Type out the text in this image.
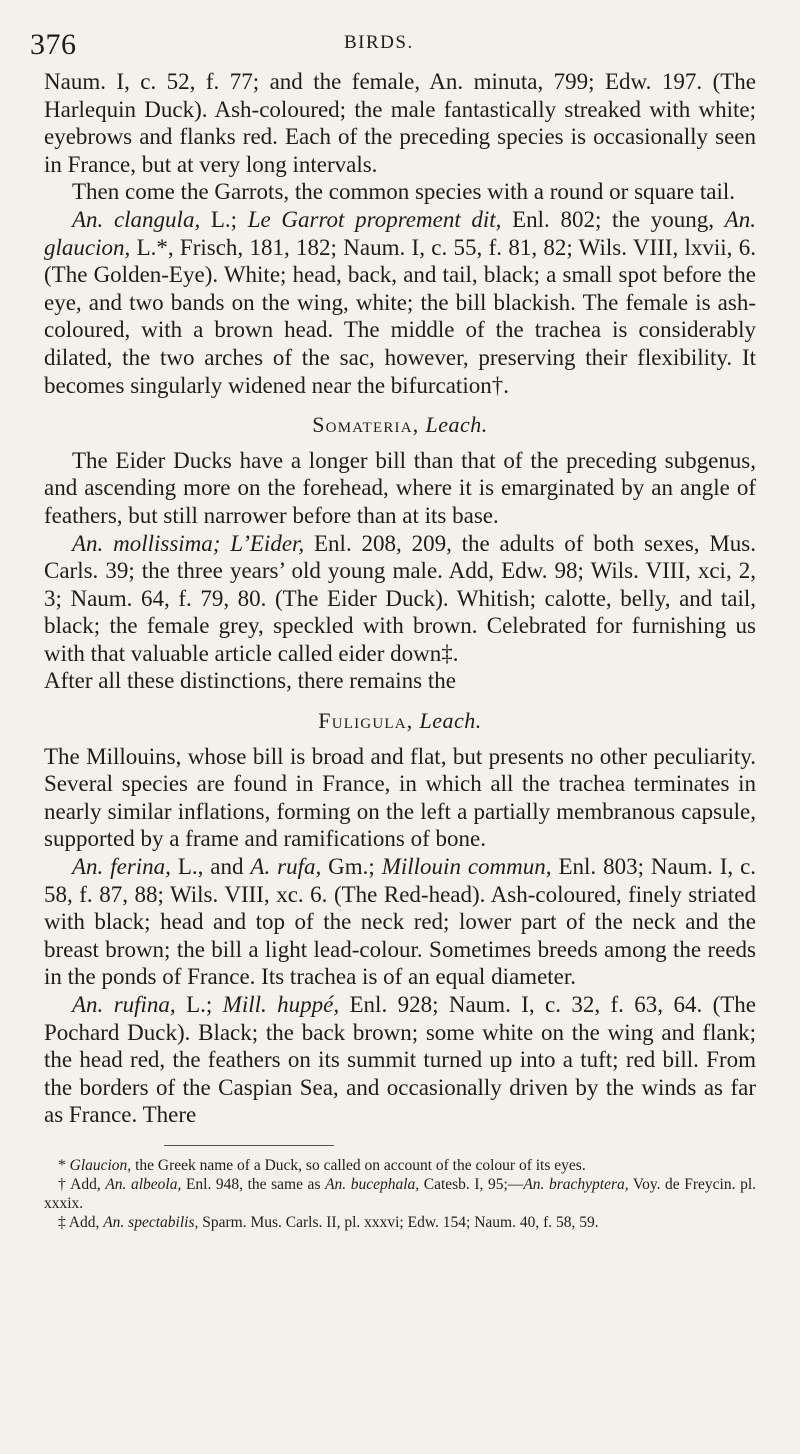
376	BIRDS.

Naum. I, c. 52, f. 77; and the female, An. minuta, 799; Edw. 197. (The Harlequin Duck). Ash-coloured; the male fantastically streaked with white; eyebrows and flanks red. Each of the preceding species is occasionally seen in France, but at very long intervals.

Then come the Garrots, the common species with a round or square tail.

An. clangula, L.; Le Garrot proprement dit, Enl. 802; the young, An. glaucion, L.*, Frisch, 181, 182; Naum. I, c. 55, f. 81, 82; Wils. VIII, lxvii, 6. (The Golden-Eye). White; head, back, and tail, black; a small spot before the eye, and two bands on the wing, white; the bill blackish. The female is ash-coloured, with a brown head. The middle of the trachea is considerably dilated, the two arches of the sac, however, preserving their flexibility. It becomes singularly widened near the bifurcation†.

Somateria, Leach.

The Eider Ducks have a longer bill than that of the preceding subgenus, and ascending more on the forehead, where it is emarginated by an angle of feathers, but still narrower before than at its base.

An. mollissima; L’Eider, Enl. 208, 209, the adults of both sexes, Mus. Carls. 39; the three years’ old young male. Add, Edw. 98; Wils. VIII, xci, 2, 3; Naum. 64, f. 79, 80. (The Eider Duck). Whitish; calotte, belly, and tail, black; the female grey, speckled with brown. Celebrated for furnishing us with that valuable article called eider down‡.

After all these distinctions, there remains the

Fuligula, Leach.

The Millouins, whose bill is broad and flat, but presents no other peculiarity. Several species are found in France, in which all the trachea terminates in nearly similar inflations, forming on the left a partially membranous capsule, supported by a frame and ramifications of bone.

An. ferina, L., and A. rufa, Gm.; Millouin commun, Enl. 803; Naum. I, c. 58, f. 87, 88; Wils. VIII, xc. 6. (The Red-head). Ash-coloured, finely striated with black; head and top of the neck red; lower part of the neck and the breast brown; the bill a light lead-colour. Sometimes breeds among the reeds in the ponds of France. Its trachea is of an equal diameter.

An. rufina, L.; Mill. huppé, Enl. 928; Naum. I, c. 32, f. 63, 64. (The Pochard Duck). Black; the back brown; some white on the wing and flank; the head red, the feathers on its summit turned up into a tuft; red bill. From the borders of the Caspian Sea, and occasionally driven by the winds as far as France. There

* Glaucion, the Greek name of a Duck, so called on account of the colour of its eyes.

† Add, An. albeola, Enl. 948, the same as An. bucephala, Catesb. I, 95;—An. brachyptera, Voy. de Freycin. pl. xxxix.

‡ Add, An. spectabilis, Sparm. Mus. Carls. II, pl. xxxvi; Edw. 154; Naum. 40, f. 58, 59.
